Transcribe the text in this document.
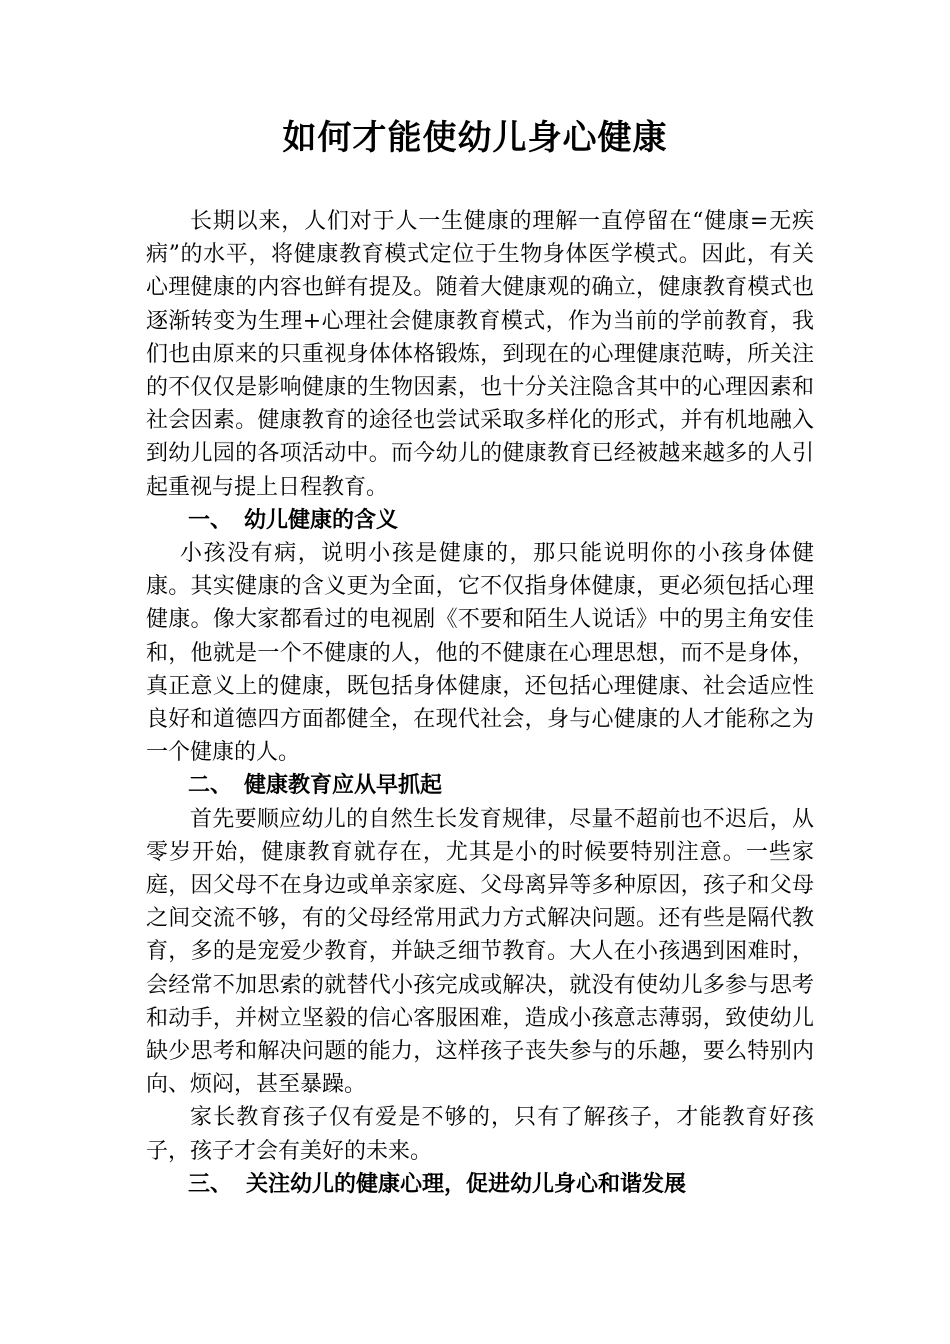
如何才能使幼儿身心健康

长期以来，人们对于人一生健康的理解一直停留在“健康=无疾病”的水平，将健康教育模式定位于生物身体医学模式。因此，有关心理健康的内容也鲜有提及。随着大健康观的确立，健康教育模式也逐渐转变为生理+心理社会健康教育模式，作为当前的学前教育，我们也由原来的只重视身体体格锻炼，到现在的心理健康范畴，所关注的不仅仅是影响健康的生物因素，也十分关注隐含其中的心理因素和社会因素。健康教育的途径也尝试采取多样化的形式，并有机地融入到幼儿园的各项活动中。而今幼儿的健康教育已经被越来越多的人引起重视与提上日程教育。

一、 幼儿健康的含义

小孩没有病，说明小孩是健康的，那只能说明你的小孩身体健康。其实健康的含义更为全面，它不仅指身体健康，更必须包括心理健康。像大家都看过的电视剧《不要和陌生人说话》中的男主角安佳和，他就是一个不健康的人，他的不健康在心理思想，而不是身体，真正意义上的健康，既包括身体健康，还包括心理健康、社会适应性良好和道德四方面都健全，在现代社会，身与心健康的人才能称之为一个健康的人。

二、 健康教育应从早抓起

首先要顺应幼儿的自然生长发育规律，尽量不超前也不迟后，从零岁开始，健康教育就存在，尤其是小的时候要特别注意。一些家庭，因父母不在身边或单亲家庭、父母离异等多种原因，孩子和父母之间交流不够，有的父母经常用武力方式解决问题。还有些是隔代教育，多的是宠爱少教育，并缺乏细节教育。大人在小孩遇到困难时，会经常不加思索的就替代小孩完成或解决，就没有使幼儿多参与思考和动手，并树立坚毅的信心客服困难，造成小孩意志薄弱，致使幼儿缺少思考和解决问题的能力，这样孩子丧失参与的乐趣，要么特别内向、烦闷，甚至暴躁。

家长教育孩子仅有爱是不够的，只有了解孩子，才能教育好孩子，孩子才会有美好的未来。

三、 关注幼儿的健康心理，促进幼儿身心和谐发展
